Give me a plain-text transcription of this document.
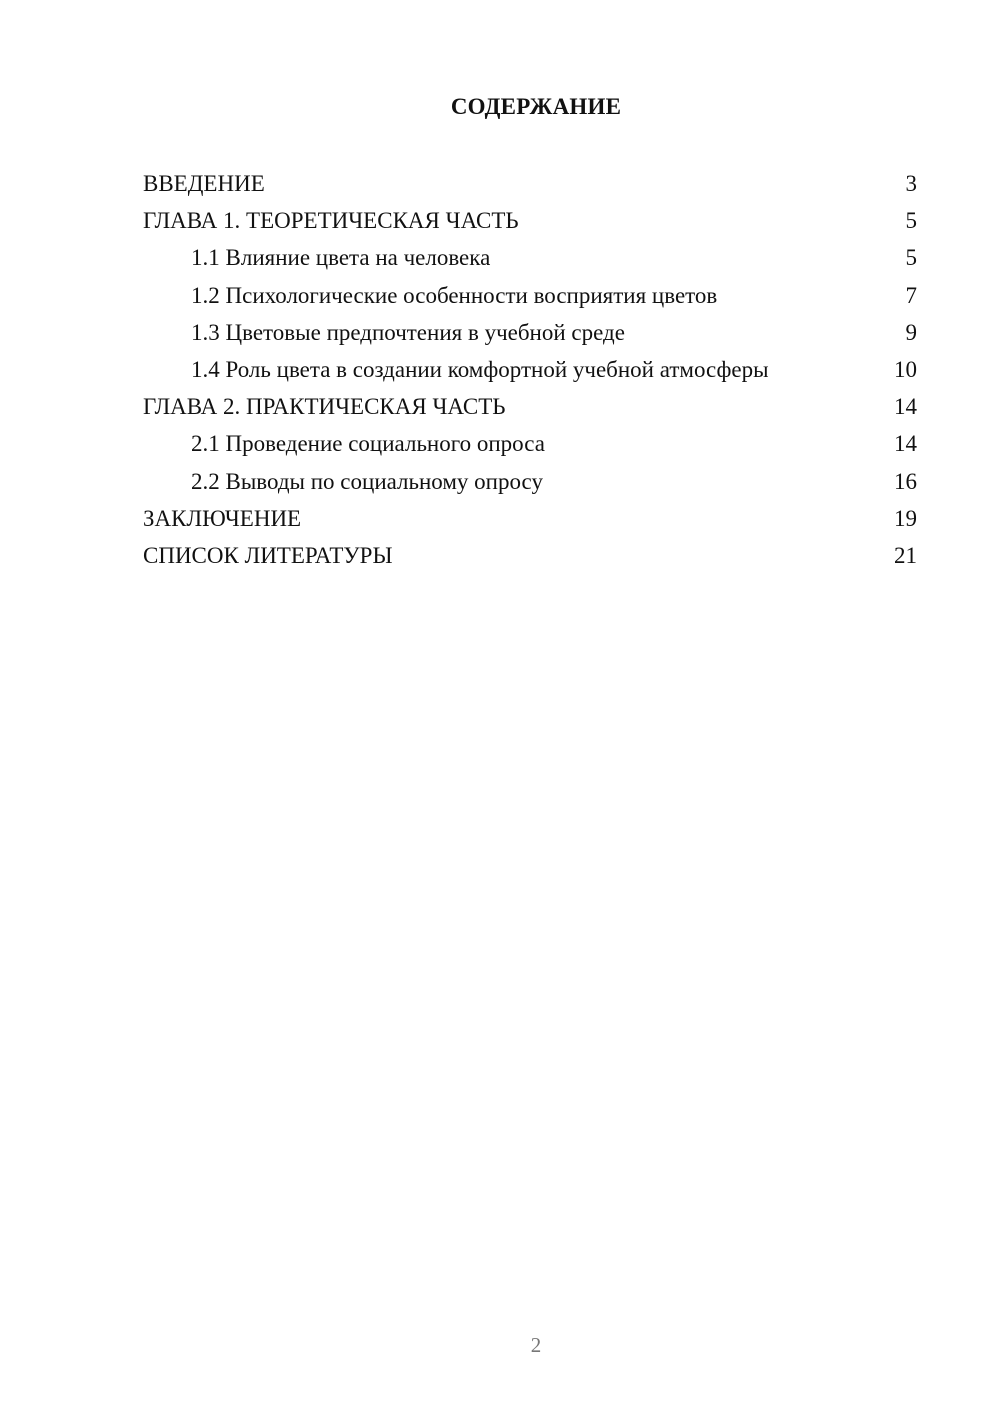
СОДЕРЖАНИЕ
ВВЕДЕНИЕ	3
ГЛАВА 1. ТЕОРЕТИЧЕСКАЯ ЧАСТЬ	5
1.1 Влияние цвета на человека	5
1.2 Психологические особенности восприятия цветов	7
1.3 Цветовые предпочтения в учебной среде	9
1.4 Роль цвета в создании комфортной учебной атмосферы	10
ГЛАВА 2. ПРАКТИЧЕСКАЯ ЧАСТЬ	14
2.1 Проведение социального опроса	14
2.2 Выводы по социальному опросу	16
ЗАКЛЮЧЕНИЕ	19
СПИСОК ЛИТЕРАТУРЫ	21
2
